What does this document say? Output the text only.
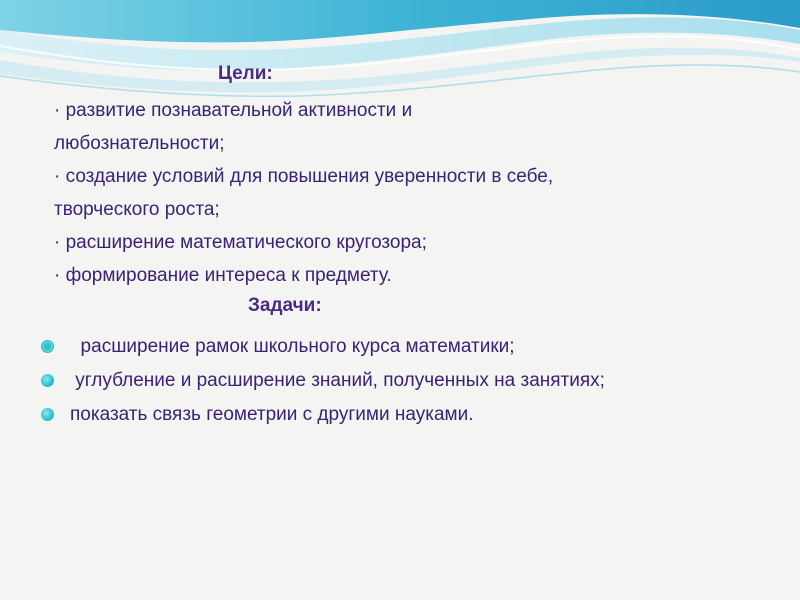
Цели:

· развитие познавательной активности и
любознательности;
· создание условий для повышения уверенности в себе,
творческого роста;
· расширение математического кругозора;
· формирование интереса к предмету.

Задачи:

расширение рамок школьного курса математики;
углубление и расширение знаний, полученных на занятиях;
показать связь геометрии с другими науками.
